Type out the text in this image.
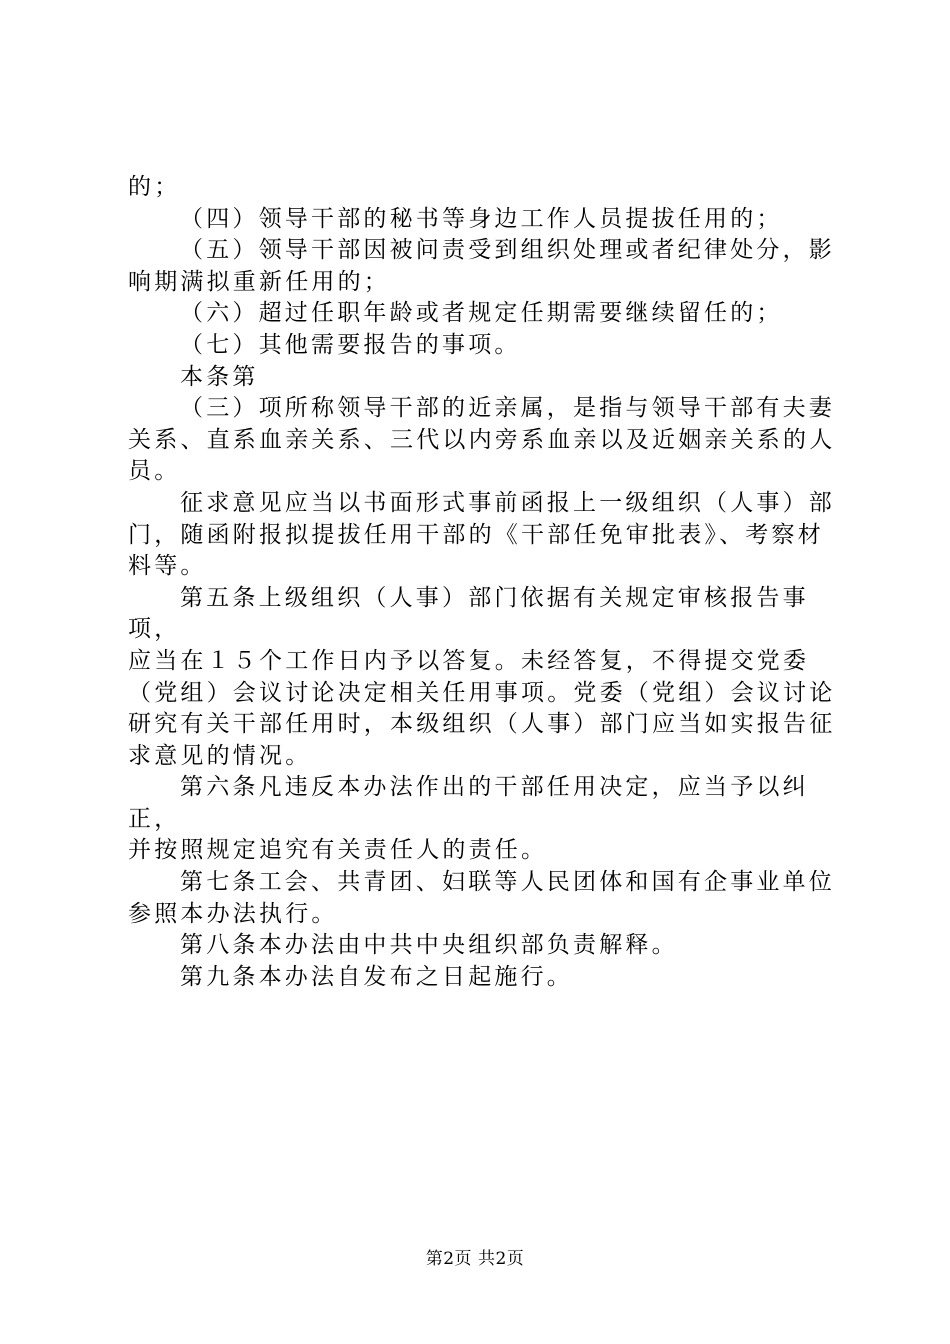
的；

（四）领导干部的秘书等身边工作人员提拔任用的；

（五）领导干部因被问责受到组织处理或者纪律处分，影

响期满拟重新任用的；

（六）超过任职年龄或者规定任期需要继续留任的；

（七）其他需要报告的事项。

本条第

（三）项所称领导干部的近亲属，是指与领导干部有夫妻

关系、直系血亲关系、三代以内旁系血亲以及近姻亲关系的人

员。

征求意见应当以书面形式事前函报上一级组织（人事）部

门，随函附报拟提拔任用干部的《干部任免审批表》、考察材

料等。

第五条上级组织（人事）部门依据有关规定审核报告事项，

应当在１５个工作日内予以答复。未经答复，不得提交党委

（党组）会议讨论决定相关任用事项。党委（党组）会议讨论

研究有关干部任用时，本级组织（人事）部门应当如实报告征

求意见的情况。

第六条凡违反本办法作出的干部任用决定，应当予以纠正，

并按照规定追究有关责任人的责任。

第七条工会、共青团、妇联等人民团体和国有企事业单位

参照本办法执行。

第八条本办法由中共中央组织部负责解释。

第九条本办法自发布之日起施行。

第2页 共2页
